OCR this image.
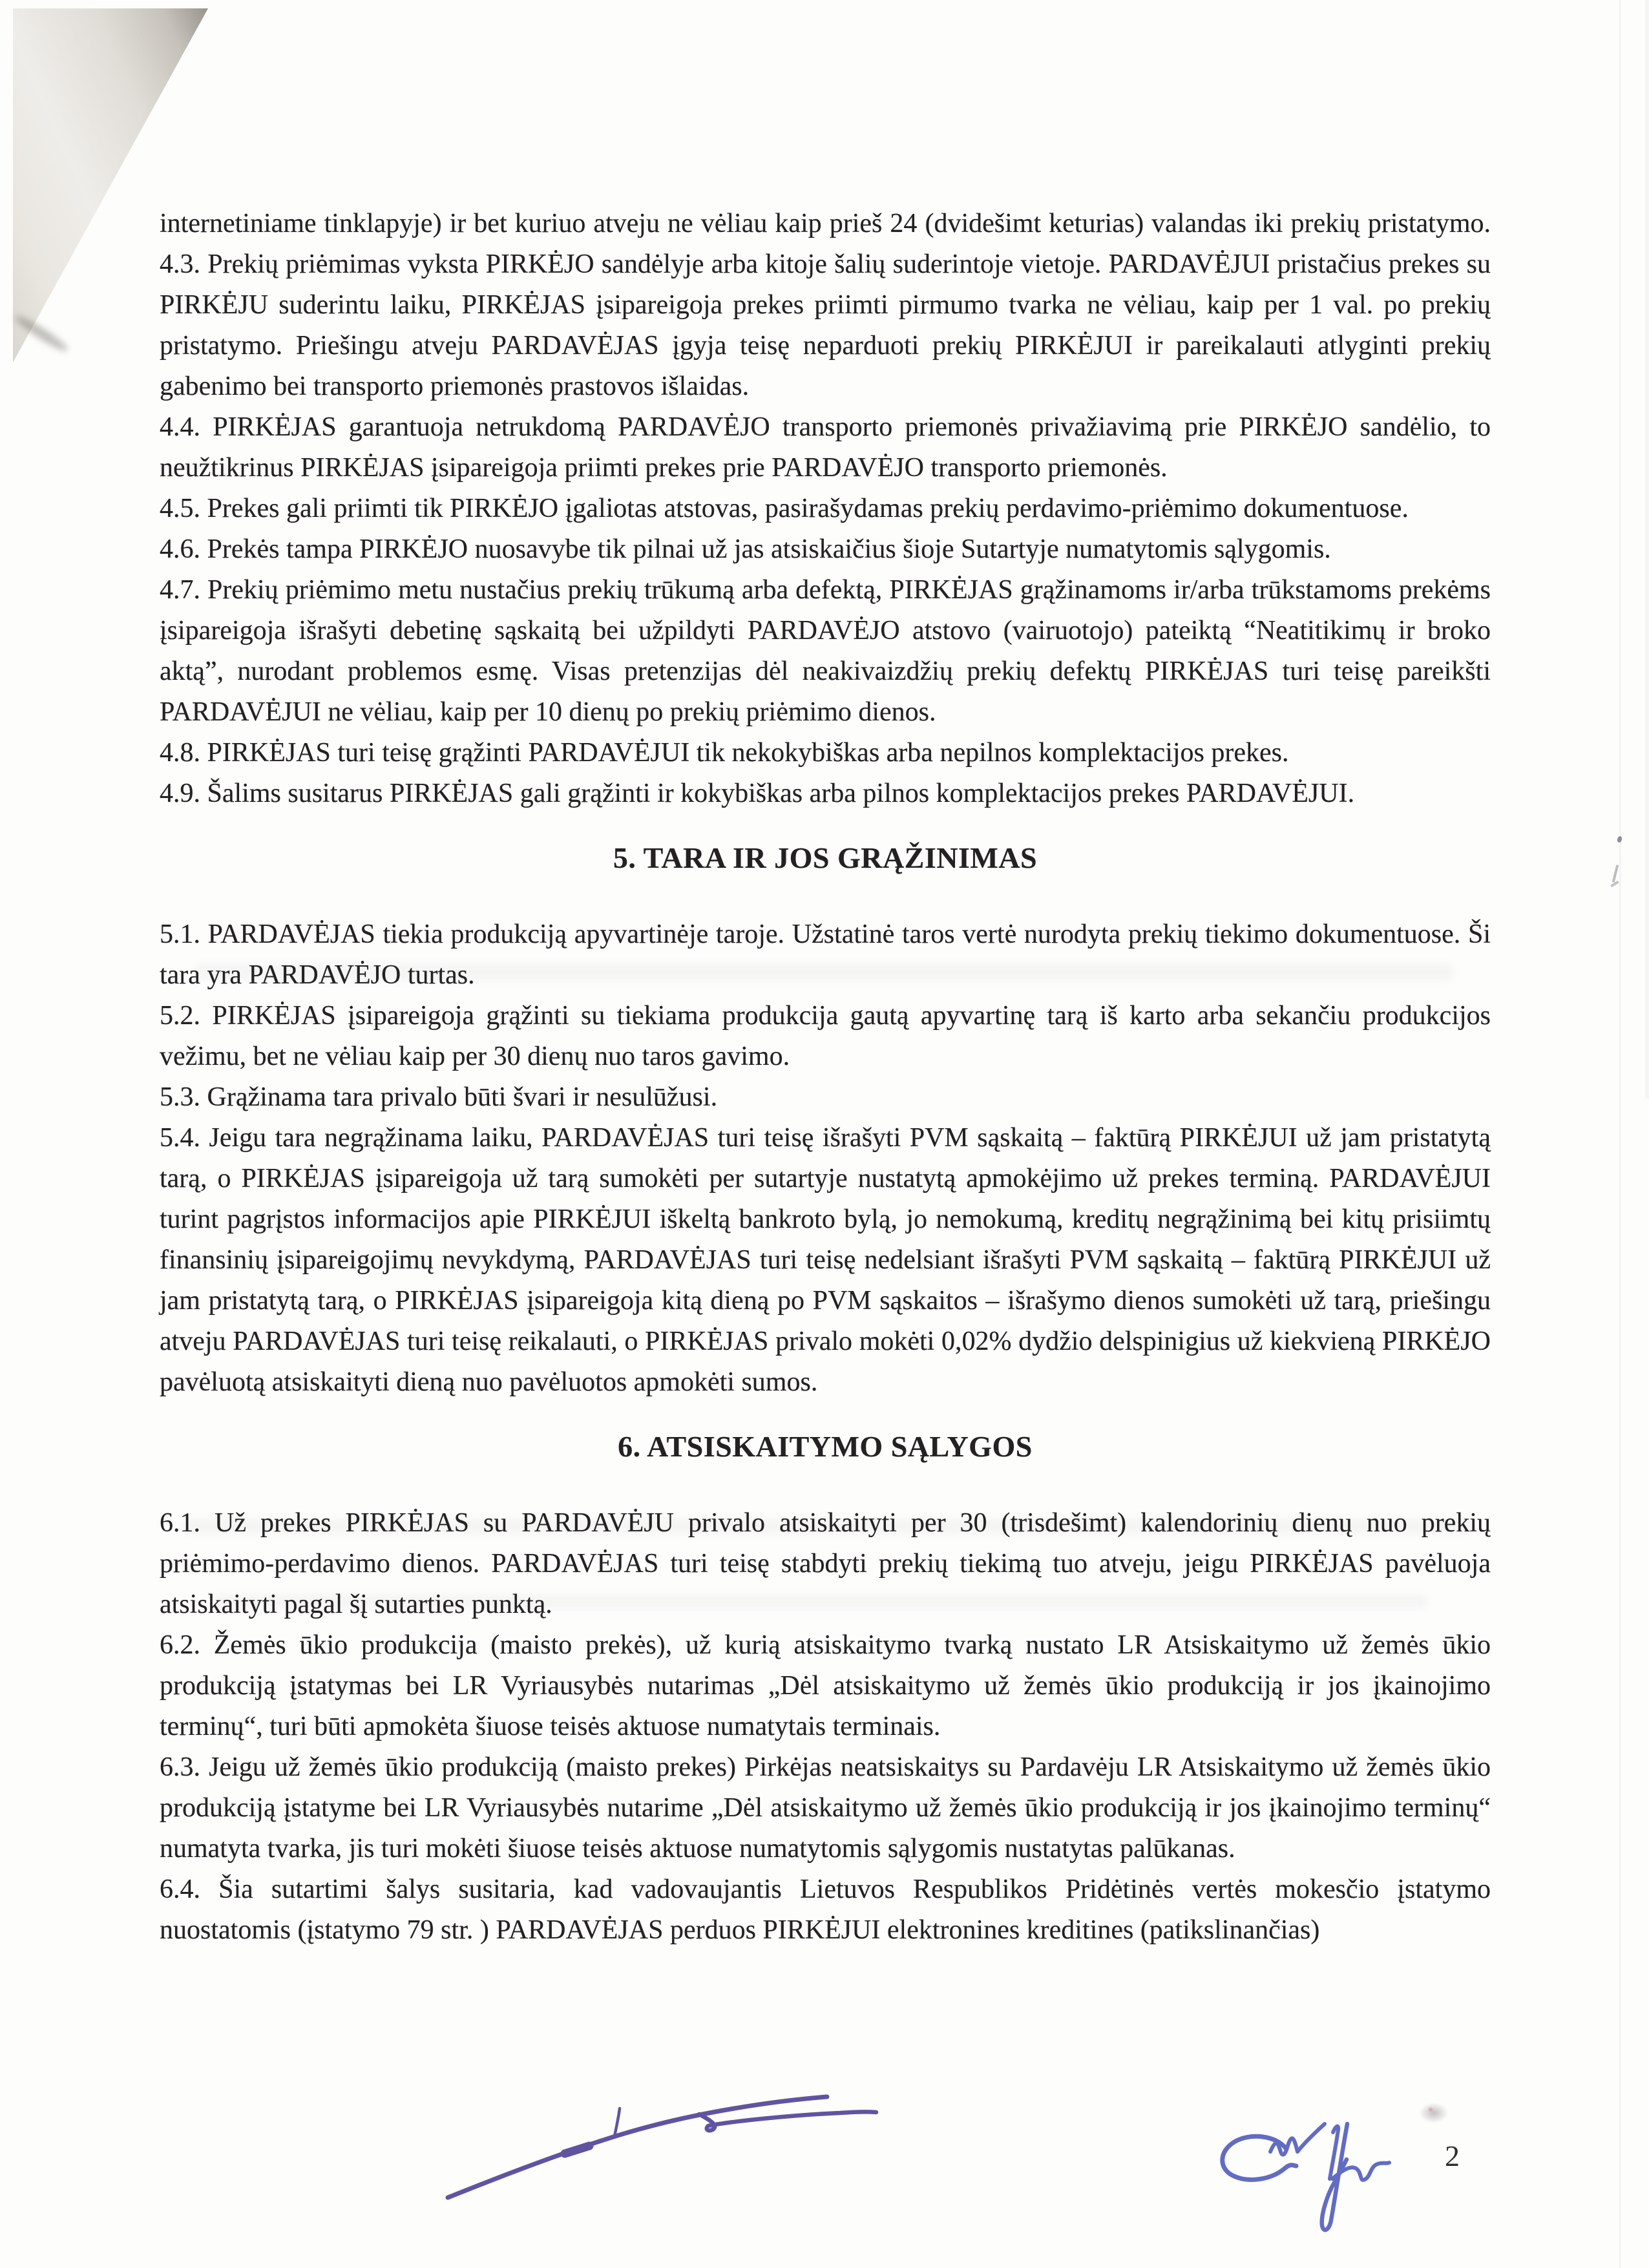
internetiniame tinklapyje) ir bet kuriuo atveju ne vėliau kaip prieš 24 (dvidešimt keturias) valandas iki prekių pristatymo. 4.3. Prekių priėmimas vyksta PIRKĖJO sandėlyje arba kitoje šalių suderintoje vietoje. PARDAVĖJUI pristačius prekes su PIRKĖJU suderintu laiku, PIRKĖJAS įsipareigoja prekes priimti pirmumo tvarka ne vėliau, kaip per 1 val. po prekių pristatymo. Priešingu atveju PARDAVĖJAS įgyja teisę neparduoti prekių PIRKĖJUI ir pareikalauti atlyginti prekių gabenimo bei transporto priemonės prastovos išlaidas.

4.4. PIRKĖJAS garantuoja netrukdomą PARDAVĖJO transporto priemonės privažiavimą prie PIRKĖJO sandėlio, to neužtikrinus PIRKĖJAS įsipareigoja priimti prekes prie PARDAVĖJO transporto priemonės.

4.5. Prekes gali priimti tik PIRKĖJO įgaliotas atstovas, pasirašydamas prekių perdavimo-priėmimo dokumentuose.

4.6. Prekės tampa PIRKĖJO nuosavybe tik pilnai už jas atsiskaičius šioje Sutartyje numatytomis sąlygomis.

4.7. Prekių priėmimo metu nustačius prekių trūkumą arba defektą, PIRKĖJAS grąžinamoms ir/arba trūkstamoms prekėms įsipareigoja išrašyti debetinę sąskaitą bei užpildyti PARDAVĖJO atstovo (vairuotojo) pateiktą “Neatitikimų ir broko aktą”, nurodant problemos esmę. Visas pretenzijas dėl neakivaizdžių prekių defektų PIRKĖJAS turi teisę pareikšti PARDAVĖJUI ne vėliau, kaip per 10 dienų po prekių priėmimo dienos.

4.8. PIRKĖJAS turi teisę grąžinti PARDAVĖJUI tik nekokybiškas arba nepilnos komplektacijos prekes.

4.9. Šalims susitarus PIRKĖJAS gali grąžinti ir kokybiškas arba pilnos komplektacijos prekes PARDAVĖJUI.

5. TARA IR JOS GRĄŽINIMAS

5.1. PARDAVĖJAS tiekia produkciją apyvartinėje taroje. Užstatinė taros vertė nurodyta prekių tiekimo dokumentuose. Ši tara yra PARDAVĖJO turtas.

5.2. PIRKĖJAS įsipareigoja grąžinti su tiekiama produkcija gautą apyvartinę tarą iš karto arba sekančiu produkcijos vežimu, bet ne vėliau kaip per 30 dienų nuo taros gavimo.

5.3. Grąžinama tara privalo būti švari ir nesulūžusi.

5.4. Jeigu tara negrąžinama laiku, PARDAVĖJAS turi teisę išrašyti PVM sąskaitą – faktūrą PIRKĖJUI už jam pristatytą tarą, o PIRKĖJAS įsipareigoja už tarą sumokėti per sutartyje nustatytą apmokėjimo už prekes terminą. PARDAVĖJUI turint pagrįstos informacijos apie PIRKĖJUI iškeltą bankroto bylą, jo nemokumą, kreditų negrąžinimą bei kitų prisiimtų finansinių įsipareigojimų nevykdymą, PARDAVĖJAS turi teisę nedelsiant išrašyti PVM sąskaitą – faktūrą PIRKĖJUI už jam pristatytą tarą, o PIRKĖJAS įsipareigoja kitą dieną po PVM sąskaitos – išrašymo dienos sumokėti už tarą, priešingu atveju PARDAVĖJAS turi teisę reikalauti, o PIRKĖJAS privalo mokėti 0,02% dydžio delspinigius už kiekvieną PIRKĖJO pavėluotą atsiskaityti dieną nuo pavėluotos apmokėti sumos.

6. ATSISKAITYMO SĄLYGOS

6.1. Už prekes PIRKĖJAS su PARDAVĖJU privalo atsiskaityti per 30 (trisdešimt) kalendorinių dienų nuo prekių priėmimo-perdavimo dienos. PARDAVĖJAS turi teisę stabdyti prekių tiekimą tuo atveju, jeigu PIRKĖJAS pavėluoja atsiskaityti pagal šį sutarties punktą.

6.2. Žemės ūkio produkcija (maisto prekės), už kurią atsiskaitymo tvarką nustato LR Atsiskaitymo už žemės ūkio produkciją įstatymas bei LR Vyriausybės nutarimas „Dėl atsiskaitymo už žemės ūkio produkciją ir jos įkainojimo terminų“, turi būti apmokėta šiuose teisės aktuose numatytais terminais.

6.3. Jeigu už žemės ūkio produkciją (maisto prekes) Pirkėjas neatsiskaitys su Pardavėju LR Atsiskaitymo už žemės ūkio produkciją įstatyme bei LR Vyriausybės nutarime „Dėl atsiskaitymo už žemės ūkio produkciją ir jos įkainojimo terminų“ numatyta tvarka, jis turi mokėti šiuose teisės aktuose numatytomis sąlygomis nustatytas palūkanas.

6.4. Šia sutartimi šalys susitaria, kad vadovaujantis Lietuvos Respublikos Pridėtinės vertės mokesčio įstatymo nuostatomis (įstatymo 79 str. ) PARDAVĖJAS perduos PIRKĖJUI elektronines kreditines (patikslinančias)

2
